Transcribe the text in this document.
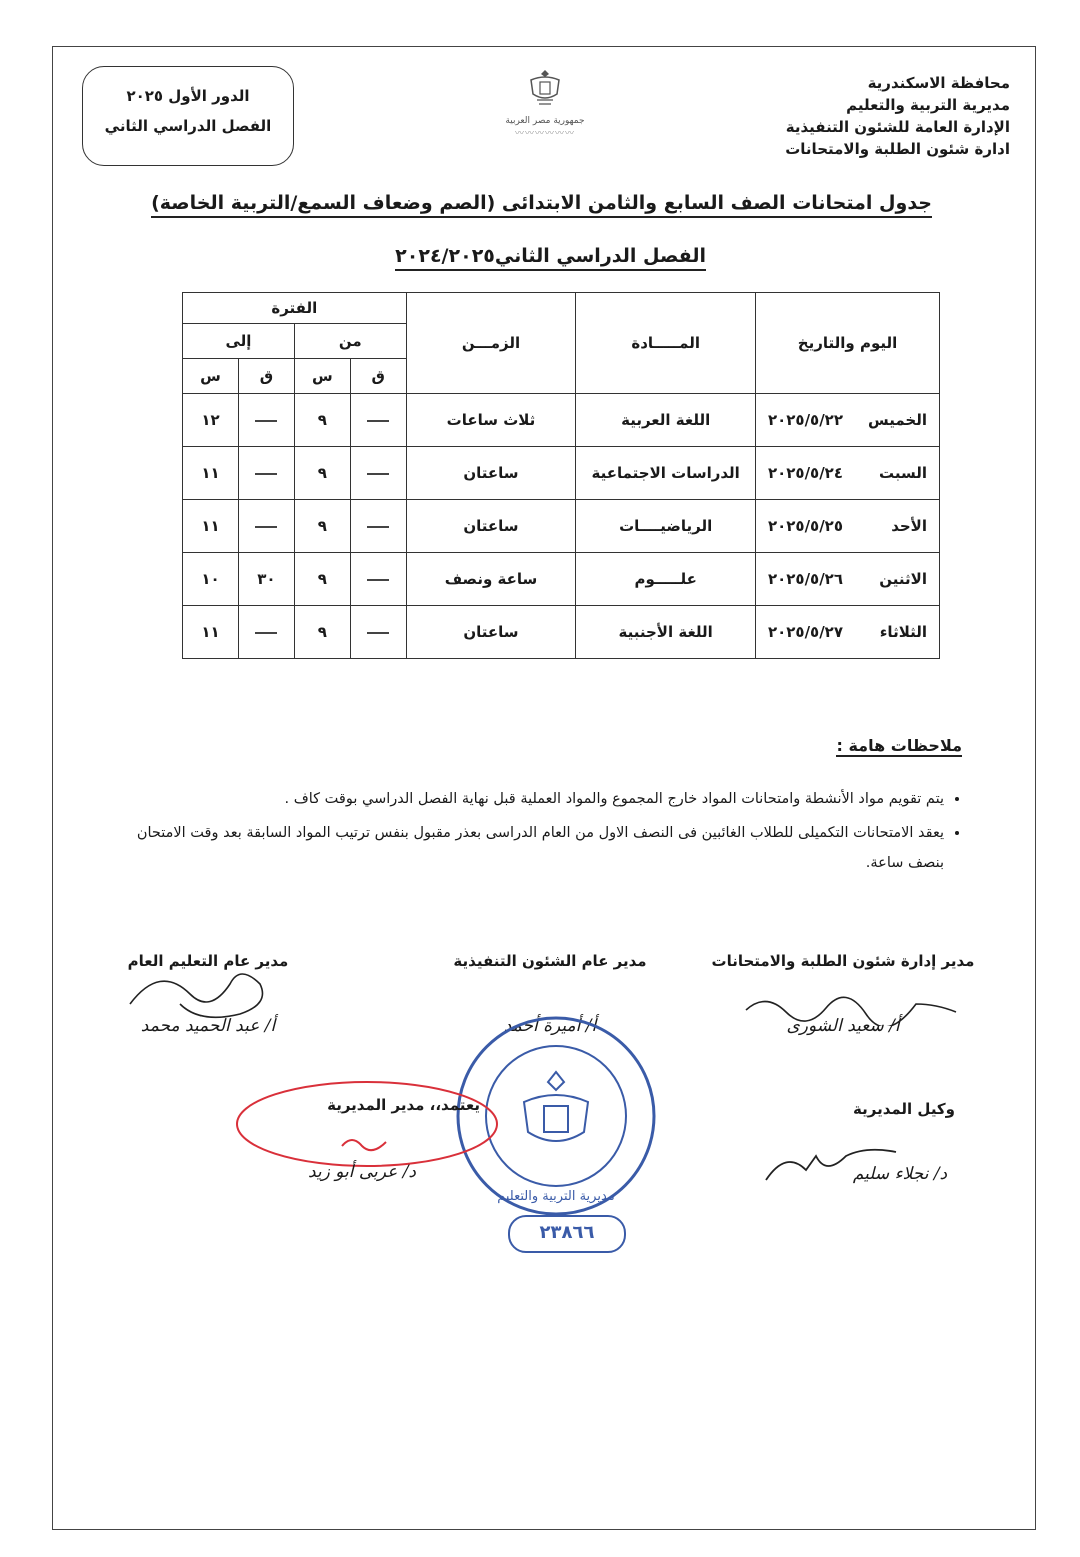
محافظة الاسكندرية
مديرية التربية والتعليم
الإدارة العامة للشئون التنفيذية
ادارة شئون الطلبة والامتحانات
جمهورية مصر العربية
〰〰〰〰〰〰
الدور الأول ٢٠٢٥
الفصل الدراسي الثاني
جدول امتحانات الصف السابع والثامن الابتدائى (الصم وضعاف السمع/التربية الخاصة)
الفصل الدراسي الثاني٢٠٢٤/٢٠٢٥
اليوم والتاريخ	المـــــادة	الزمـــن	الفترة			
			من		إلى	
			ق	س	ق	س
الخميس٢٠٢٥/٥/٢٢	اللغة العربية	ثلاث ساعات		٩		١٢
السبت٢٠٢٥/٥/٢٤	الدراسات الاجتماعية	ساعتان		٩		١١
الأحد٢٠٢٥/٥/٢٥	الرياضيــــات	ساعتان		٩		١١
الاثنين٢٠٢٥/٥/٢٦	علـــــوم	ساعة ونصف		٩	٣٠	١٠
الثلاثاء٢٠٢٥/٥/٢٧	اللغة الأجنبية	ساعتان		٩		١١
ملاحظات هامة :
• يتم تقويم مواد الأنشطة وامتحانات المواد خارج المجموع والمواد العملية قبل نهاية الفصل الدراسي بوقت كاف .
• يعقد الامتحانات التكميلى للطلاب الغائبين فى النصف الاول من العام الدراسى بعذر مقبول بنفس ترتيب المواد السابقة بعد وقت الامتحان بنصف ساعة.
مدير إدارة شئون الطلبة والامتحانات
أ/ سعيد الشورى
مدير عام الشئون التنفيذية
أ/ أميرة أحمد
مدير عام التعليم العام
أ/ عبد الحميد محمد
مديرية التربية والتعليم
٢٣٨٦٦
يعتمد،، مدير المديرية
د/ عربى أبو زيد
وكيل المديرية
د/ نجلاء سليم
